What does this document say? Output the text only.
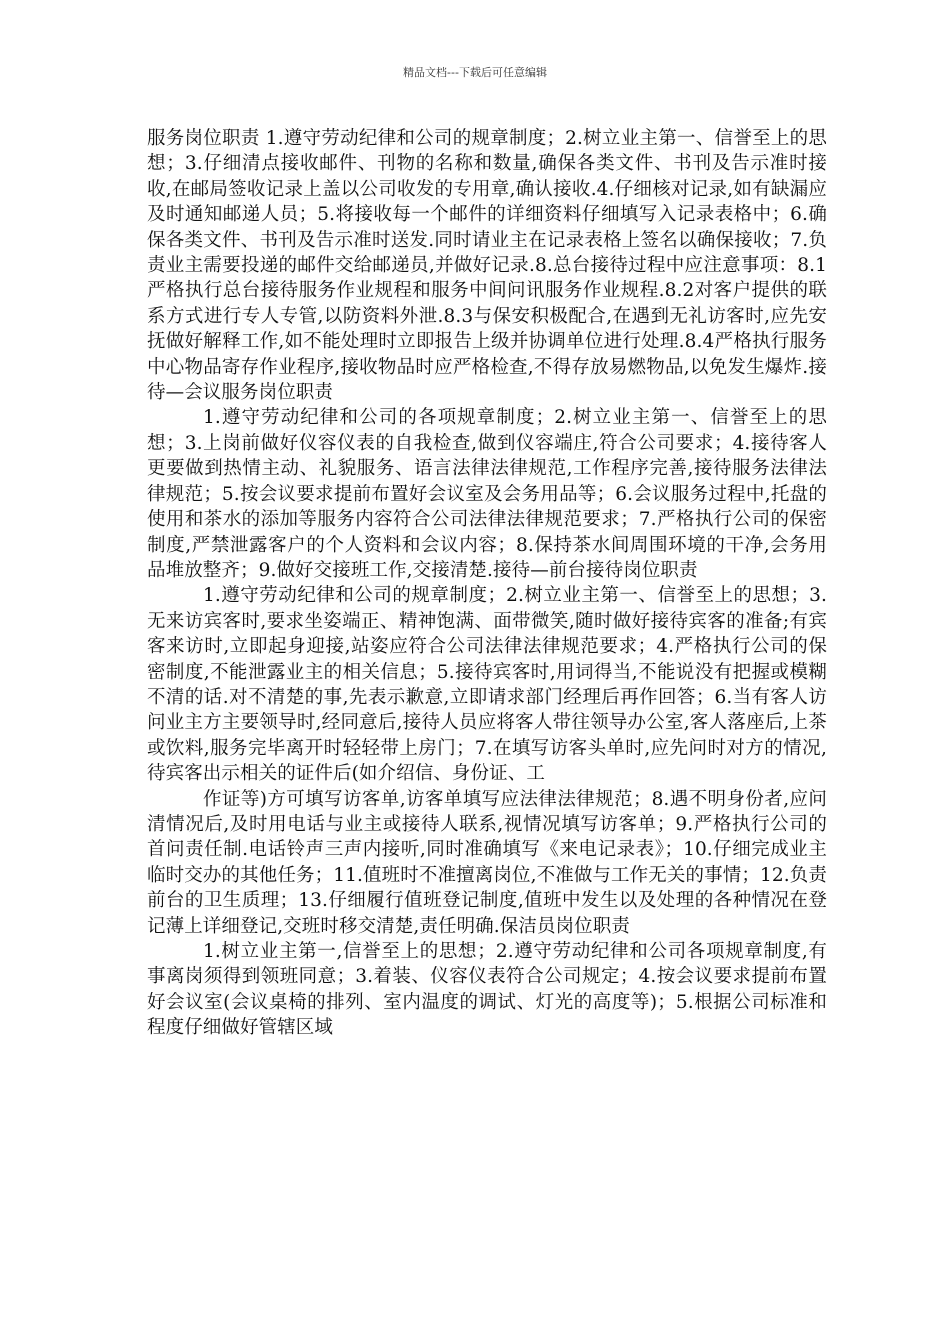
精品文档---下载后可任意编辑

服务岗位职责 1.遵守劳动纪律和公司的规章制度；2.树立业主第一、信誉至上的思想；3.仔细清点接收邮件、刊物的名称和数量,确保各类文件、书刊及告示准时接收,在邮局签收记录上盖以公司收发的专用章,确认接收.4.仔细核对记录,如有缺漏应及时通知邮递人员；5.将接收每一个邮件的详细资料仔细填写入记录表格中；6.确保各类文件、书刊及告示准时送发.同时请业主在记录表格上签名以确保接收；7.负责业主需要投递的邮件交给邮递员,并做好记录.8.总台接待过程中应注意事项：8.1严格执行总台接待服务作业规程和服务中间问讯服务作业规程.8.2对客户提供的联系方式进行专人专管,以防资料外泄.8.3与保安积极配合,在遇到无礼访客时,应先安抚做好解释工作,如不能处理时立即报告上级并协调单位进行处理.8.4严格执行服务中心物品寄存作业程序,接收物品时应严格检查,不得存放易燃物品,以免发生爆炸.接待—会议服务岗位职责

1.遵守劳动纪律和公司的各项规章制度；2.树立业主第一、信誉至上的思想；3.上岗前做好仪容仪表的自我检查,做到仪容端庄,符合公司要求；4.接待客人更要做到热情主动、礼貌服务、语言法律法律规范,工作程序完善,接待服务法律法律规范；5.按会议要求提前布置好会议室及会务用品等；6.会议服务过程中,托盘的使用和茶水的添加等服务内容符合公司法律法律规范要求；7.严格执行公司的保密制度,严禁泄露客户的个人资料和会议内容；8.保持茶水间周围环境的干净,会务用品堆放整齐；9.做好交接班工作,交接清楚.接待—前台接待岗位职责

1.遵守劳动纪律和公司的规章制度；2.树立业主第一、信誉至上的思想；3.无来访宾客时,要求坐姿端正、精神饱满、面带微笑,随时做好接待宾客的准备;有宾客来访时,立即起身迎接,站姿应符合公司法律法律规范要求；4.严格执行公司的保密制度,不能泄露业主的相关信息；5.接待宾客时,用词得当,不能说没有把握或模糊不清的话.对不清楚的事,先表示歉意,立即请求部门经理后再作回答；6.当有客人访问业主方主要领导时,经同意后,接待人员应将客人带往领导办公室,客人落座后,上茶或饮料,服务完毕离开时轻轻带上房门；7.在填写访客头单时,应先问时对方的情况,待宾客出示相关的证件后(如介绍信、身份证、工

作证等)方可填写访客单,访客单填写应法律法律规范；8.遇不明身份者,应问清情况后,及时用电话与业主或接待人联系,视情况填写访客单；9.严格执行公司的首问责任制.电话铃声三声内接听,同时准确填写《来电记录表》；10.仔细完成业主临时交办的其他任务；11.值班时不准擅离岗位,不准做与工作无关的事情；12.负责前台的卫生质理；13.仔细履行值班登记制度,值班中发生以及处理的各种情况在登记薄上详细登记,交班时移交清楚,责任明确.保洁员岗位职责

1.树立业主第一,信誉至上的思想；2.遵守劳动纪律和公司各项规章制度,有事离岗须得到领班同意；3.着装、仪容仪表符合公司规定；4.按会议要求提前布置好会议室(会议桌椅的排列、室内温度的调试、灯光的高度等)；5.根据公司标准和程度仔细做好管辖区域
